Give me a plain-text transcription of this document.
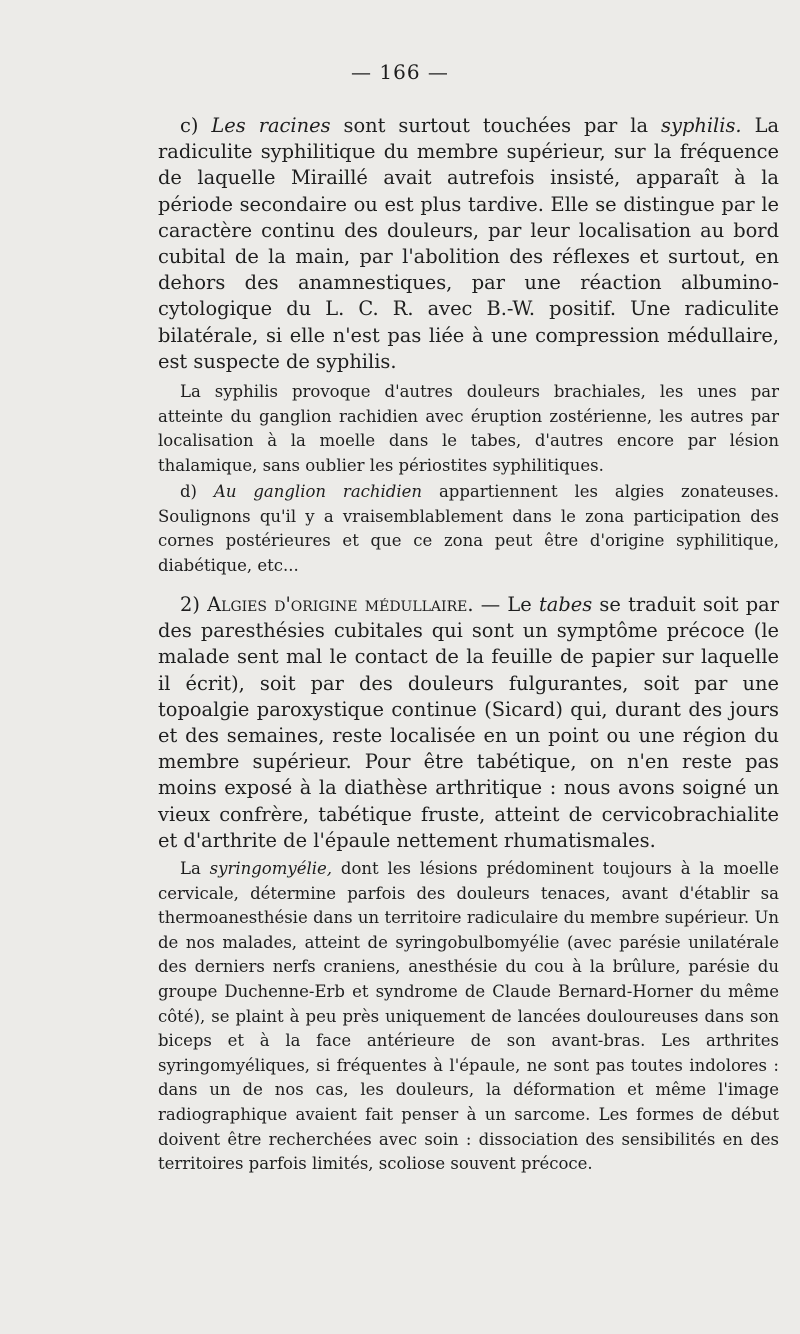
— 166 —

c) Les racines sont surtout touchées par la syphilis. La radiculite syphilitique du membre supérieur, sur la fréquence de laquelle Miraillé avait autrefois insisté, apparaît à la période secondaire ou est plus tardive. Elle se distingue par le caractère continu des douleurs, par leur localisation au bord cubital de la main, par l'abolition des réflexes et surtout, en dehors des anamnestiques, par une réaction albumino-cytologique du L. C. R. avec B.-W. positif. Une radiculite bilatérale, si elle n'est pas liée à une compression médullaire, est suspecte de syphilis.

La syphilis provoque d'autres douleurs brachiales, les unes par atteinte du ganglion rachidien avec éruption zostérienne, les autres par localisation à la moelle dans le tabes, d'autres encore par lésion thalamique, sans oublier les périostites syphilitiques.

d) Au ganglion rachidien appartiennent les algies zonateuses. Soulignons qu'il y a vraisemblablement dans le zona participation des cornes postérieures et que ce zona peut être d'origine syphilitique, diabétique, etc...

2) Algies d'origine médullaire. — Le tabes se traduit soit par des paresthésies cubitales qui sont un symptôme précoce (le malade sent mal le contact de la feuille de papier sur laquelle il écrit), soit par des douleurs fulgurantes, soit par une topoalgie paroxystique continue (Sicard) qui, durant des jours et des semaines, reste localisée en un point ou une région du membre supérieur. Pour être tabétique, on n'en reste pas moins exposé à la diathèse arthritique : nous avons soigné un vieux confrère, tabétique fruste, atteint de cervicobrachialite et d'arthrite de l'épaule nettement rhumatismales.

La syringomyélie, dont les lésions prédominent toujours à la moelle cervicale, détermine parfois des douleurs tenaces, avant d'établir sa thermoanesthésie dans un territoire radiculaire du membre supérieur. Un de nos malades, atteint de syringobulbomyélie (avec parésie unilatérale des derniers nerfs craniens, anesthésie du cou à la brûlure, parésie du groupe Duchenne-Erb et syndrome de Claude Bernard-Horner du même côté), se plaint à peu près uniquement de lancées douloureuses dans son biceps et à la face antérieure de son avant-bras. Les arthrites syringomyéliques, si fréquentes à l'épaule, ne sont pas toutes indolores : dans un de nos cas, les douleurs, la déformation et même l'image radiographique avaient fait penser à un sarcome. Les formes de début doivent être recherchées avec soin : dissociation des sensibilités en des territoires parfois limités, scoliose souvent précoce.
